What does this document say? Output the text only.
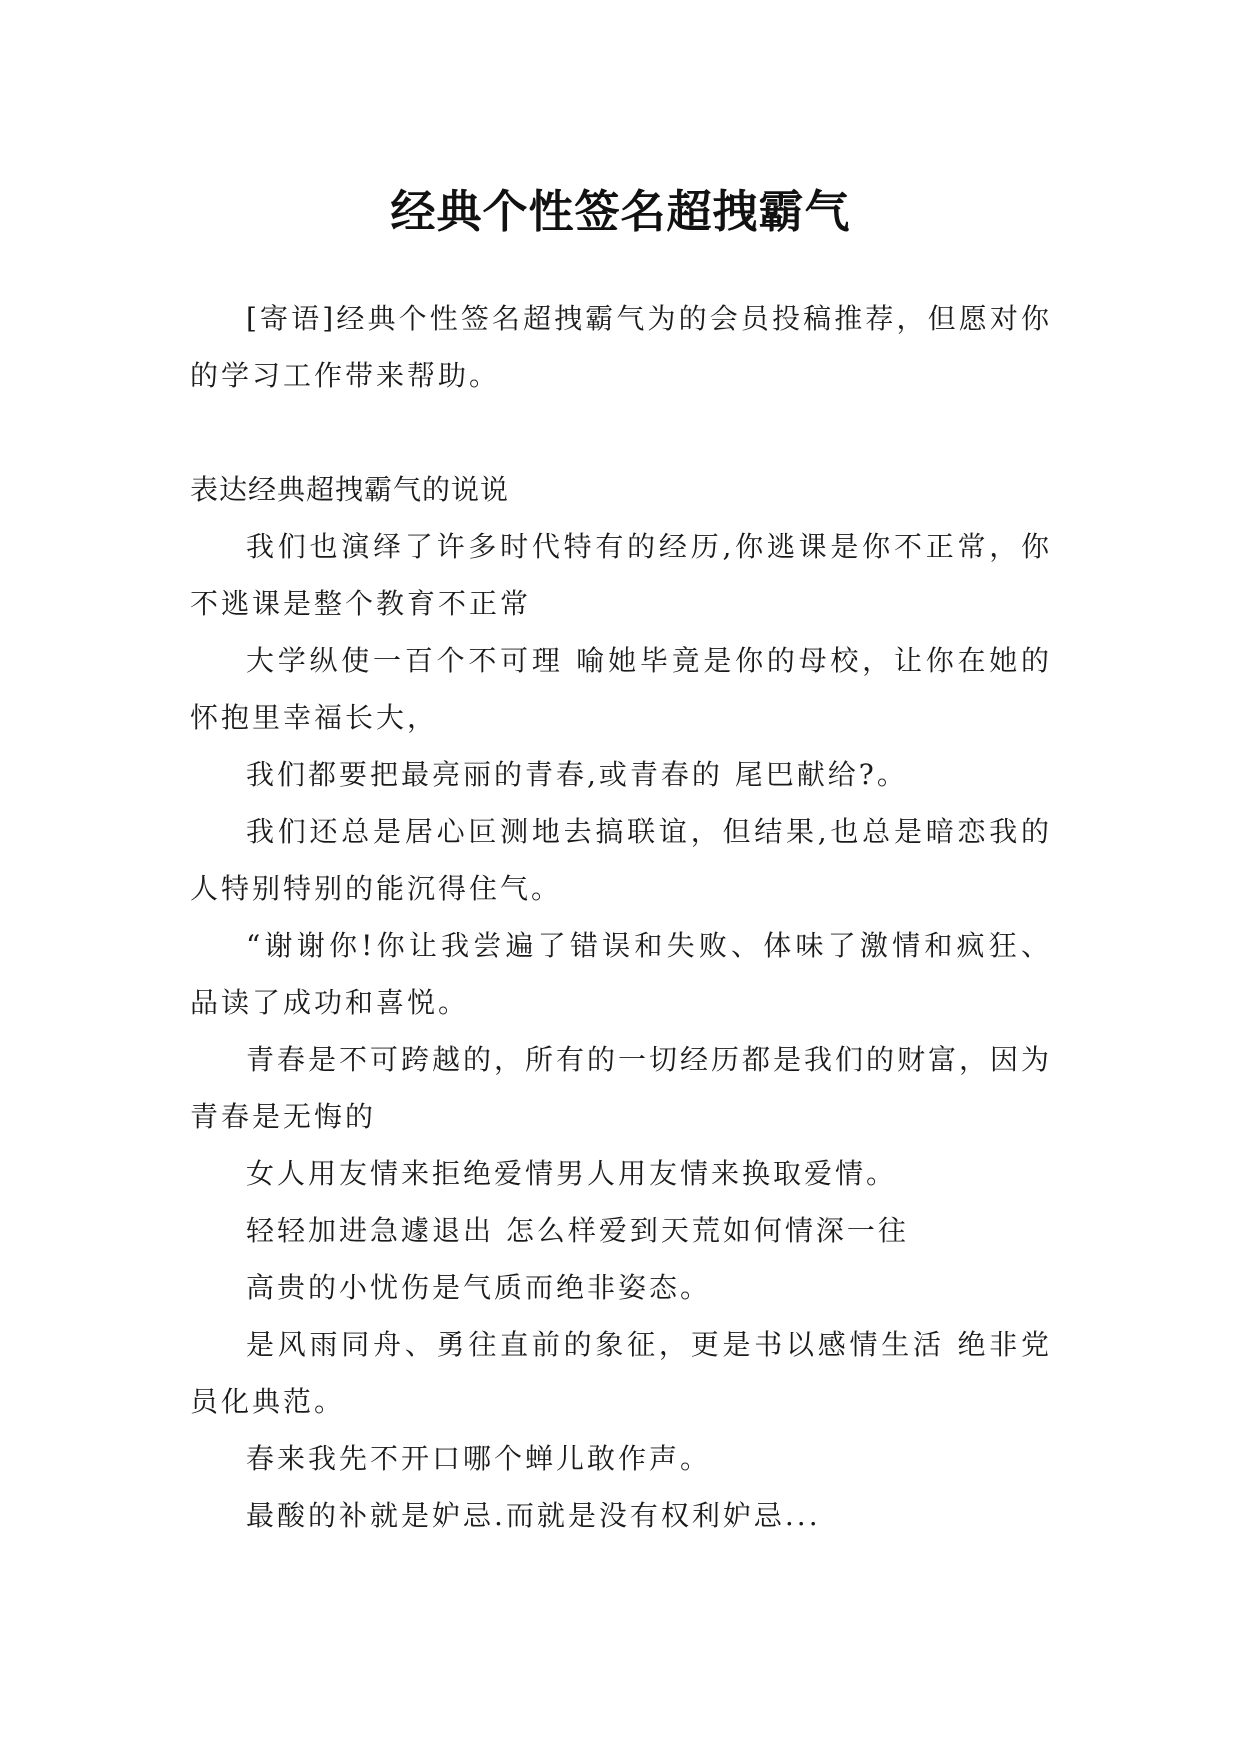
经典个性签名超拽霸气

[寄语]经典个性签名超拽霸气为的会员投稿推荐，但愿对你的学习工作带来帮助。

表达经典超拽霸气的说说

我们也演绎了许多时代特有的经历,你逃课是你不正常，你不逃课是整个教育不正常

大学纵使一百个不可理 喻她毕竟是你的母校，让你在她的怀抱里幸福长大，

我们都要把最亮丽的青春,或青春的 尾巴献给?。

我们还总是居心叵测地去搞联谊，但结果,也总是暗恋我的人特别特别的能沉得住气。

“谢谢你!你让我尝遍了错误和失败、体味了激情和疯狂、品读了成功和喜悦。

青春是不可跨越的，所有的一切经历都是我们的财富，因为青春是无悔的

女人用友情来拒绝爱情男人用友情来换取爱情。

轻轻加进急遽退出 怎么样爱到天荒如何情深一往

高贵的小忧伤是气质而绝非姿态。

是风雨同舟、勇往直前的象征，更是书以感情生活 绝非党员化典范。

春来我先不开口哪个蝉儿敢作声。

最酸的补就是妒忌.而就是没有权利妒忌...
